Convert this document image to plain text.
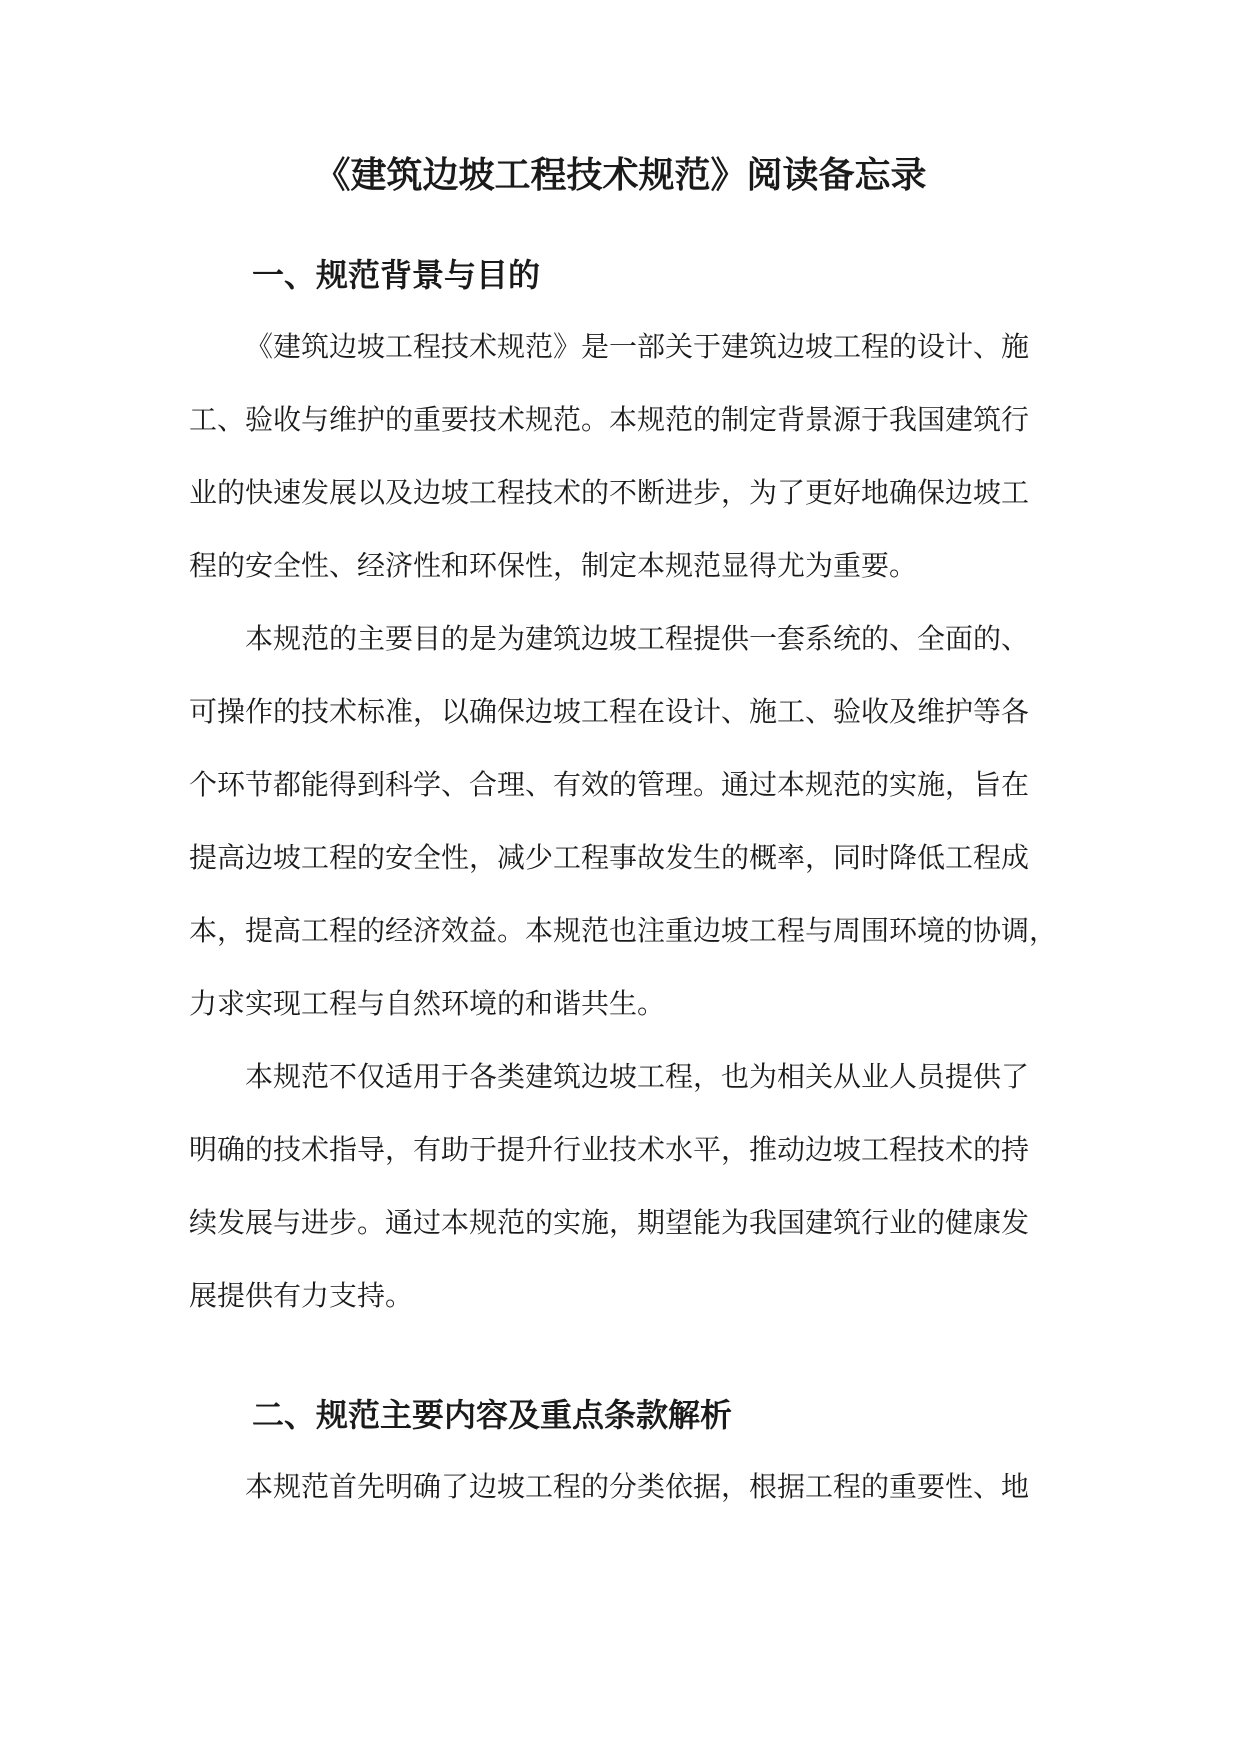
《建筑边坡工程技术规范》阅读备忘录
一、规范背景与目的

《建筑边坡工程技术规范》是一部关于建筑边坡工程的设计、施
工、验收与维护的重要技术规范。本规范的制定背景源于我国建筑行
业的快速发展以及边坡工程技术的不断进步，为了更好地确保边坡工
程的安全性、经济性和环保性，制定本规范显得尤为重要。

本规范的主要目的是为建筑边坡工程提供一套系统的、全面的、
可操作的技术标准，以确保边坡工程在设计、施工、验收及维护等各
个环节都能得到科学、合理、有效的管理。通过本规范的实施，旨在
提高边坡工程的安全性，减少工程事故发生的概率，同时降低工程成
本，提高工程的经济效益。本规范也注重边坡工程与周围环境的协调，
力求实现工程与自然环境的和谐共生。

本规范不仅适用于各类建筑边坡工程，也为相关从业人员提供了
明确的技术指导，有助于提升行业技术水平，推动边坡工程技术的持
续发展与进步。通过本规范的实施，期望能为我国建筑行业的健康发
展提供有力支持。

二、规范主要内容及重点条款解析

本规范首先明确了边坡工程的分类依据，根据工程的重要性、地
